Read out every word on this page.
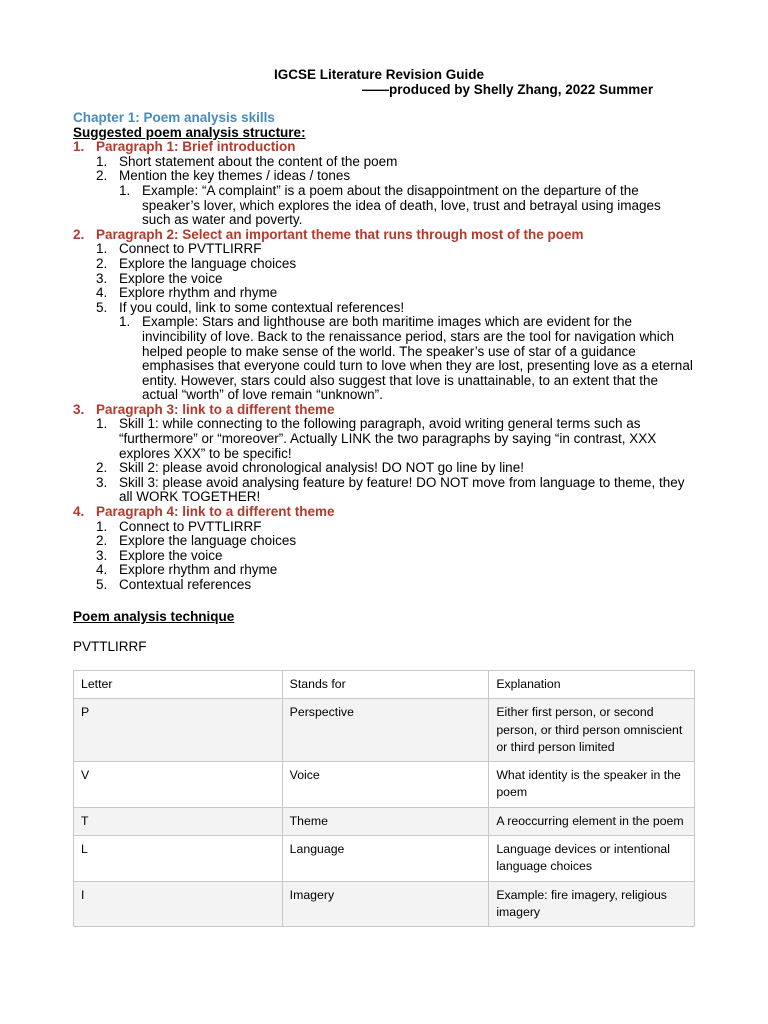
IGCSE Literature Revision Guide
——produced by Shelly Zhang, 2022 Summer
Chapter 1: Poem analysis skills
Suggested poem analysis structure:
1. Paragraph 1: Brief introduction
1. Short statement about the content of the poem
2. Mention the key themes / ideas / tones
1. Example: “A complaint” is a poem about the disappointment on the departure of the speaker’s lover, which explores the idea of death, love, trust and betrayal using images such as water and poverty.
2. Paragraph 2: Select an important theme that runs through most of the poem
1. Connect to PVTTLIRRF
2. Explore the language choices
3. Explore the voice
4. Explore rhythm and rhyme
5. If you could, link to some contextual references!
1. Example: Stars and lighthouse are both maritime images which are evident for the invincibility of love. Back to the renaissance period, stars are the tool for navigation which helped people to make sense of the world. The speaker’s use of star of a guidance emphasises that everyone could turn to love when they are lost, presenting love as a eternal entity. However, stars could also suggest that love is unattainable, to an extent that the actual “worth” of love remain “unknown”.
3. Paragraph 3: link to a different theme
1. Skill 1: while connecting to the following paragraph, avoid writing general terms such as “furthermore” or “moreover”. Actually LINK the two paragraphs by saying “in contrast, XXX explores XXX” to be specific!
2. Skill 2: please avoid chronological analysis! DO NOT go line by line!
3. Skill 3: please avoid analysing feature by feature! DO NOT move from language to theme, they all WORK TOGETHER!
4. Paragraph 4: link to a different theme
1. Connect to PVTTLIRRF
2. Explore the language choices
3. Explore the voice
4. Explore rhythm and rhyme
5. Contextual references
Poem analysis technique
PVTTLIRRF
Letter	Stands for	Explanation
P	Perspective	Either first person, or second person, or third person omniscient or third person limited
V	Voice	What identity is the speaker in the poem
T	Theme	A reoccurring element in the poem
L	Language	Language devices or intentional language choices
I	Imagery	Example: fire imagery, religious imagery
